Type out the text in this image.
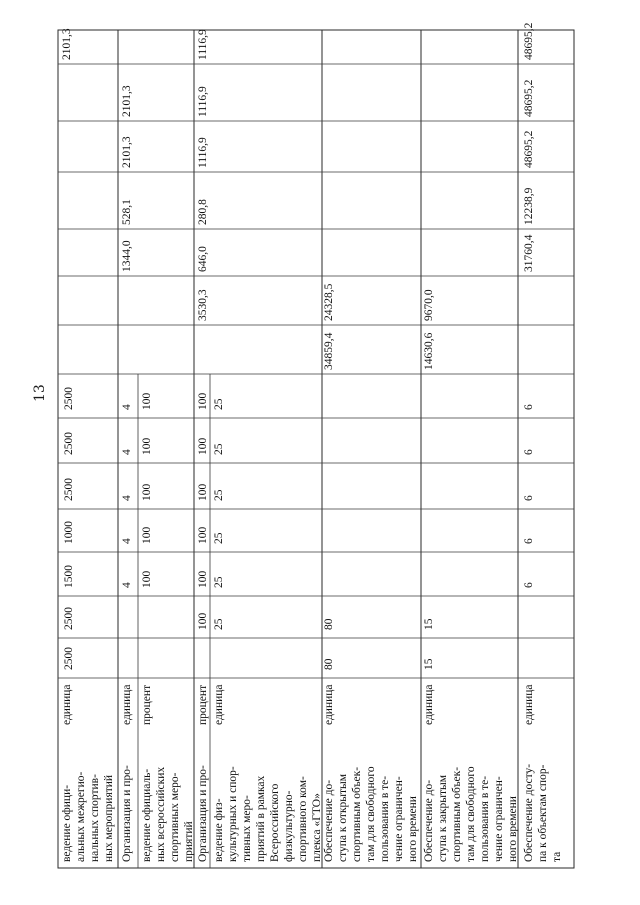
13
2500
2500
1500
1000
2500
2500
2500
ведение офици- альных межрегио- нальных спортив- ных мероприятий
единица
2101,3
Организация и про-
единица
4
4
4
4
4
1344,0
528,1
2101,3
2101,3
ведение официаль- ных всероссийских спортивных меро- приятий
процент
100
100
100
100
100
Организация и про-
процент
100
100
100
100
100
100
3530,3
646,0
280,8
1116,9
1116,9
1116,9
ведение физ- культурных и спор- тивных меро- приятий в рамках Всероссийского физкультурно- спортивного ком- плекса «ГТО»
единица
25
25
25
25
25
25
Обеспечение до- ступа к открытым спортивным объек- там для свободного пользования в те- чение ограничен- ного времени
единица
80
80
34859,4
24328,5
Обеспечение до- ступа к закрытым спортивным объек- там для свободного пользования в те- чение ограничен- ного времени
единица
15
15
14630,6
9670,0
Обеспечение досту- па к объектам спор- та
единица
6
6
6
6
6
31760,4
12238,9
48695,2
48695,2
48695,2
